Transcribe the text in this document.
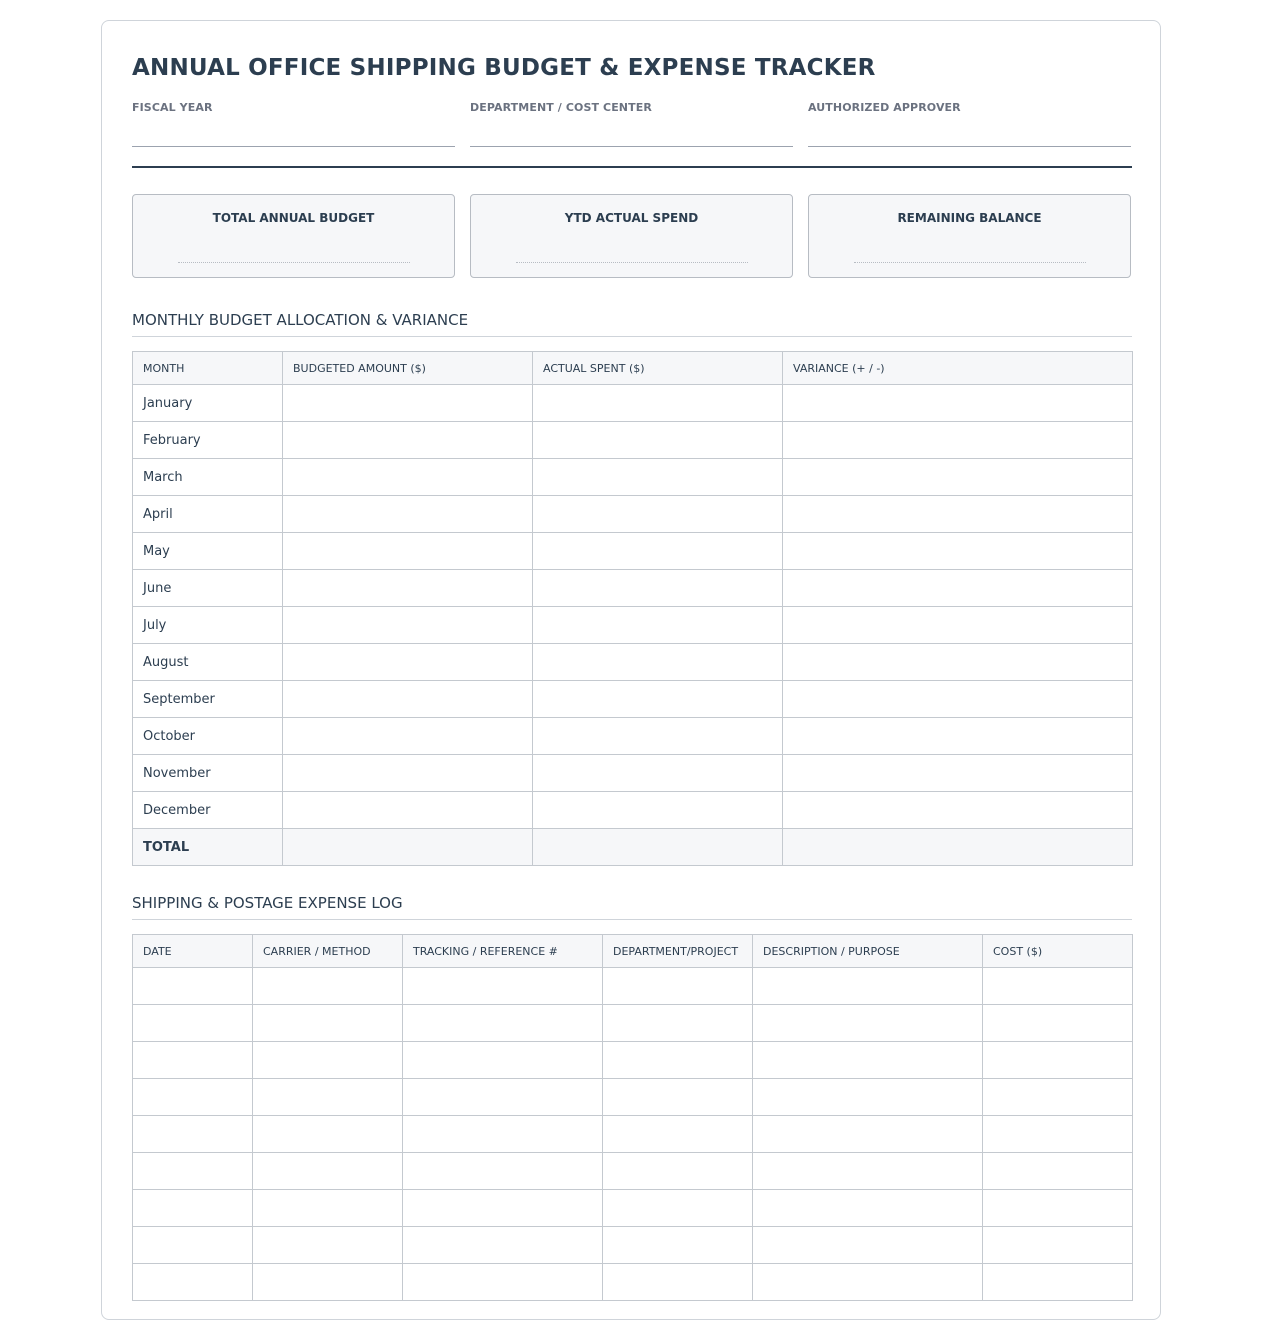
ANNUAL OFFICE SHIPPING BUDGET & EXPENSE TRACKER
FISCAL YEAR	DEPARTMENT / COST CENTER	AUTHORIZED APPROVER
TOTAL ANNUAL BUDGET	YTD ACTUAL SPEND	REMAINING BALANCE
MONTHLY BUDGET ALLOCATION & VARIANCE
MONTH	BUDGETED AMOUNT ($)	ACTUAL SPENT ($)	VARIANCE (+ / -)
January			
February			
March			
April			
May			
June			
July			
August			
September			
October			
November			
December			
TOTAL			
SHIPPING & POSTAGE EXPENSE LOG
DATE	CARRIER / METHOD	TRACKING / REFERENCE #	DEPARTMENT/PROJECT	DESCRIPTION / PURPOSE	COST ($)
